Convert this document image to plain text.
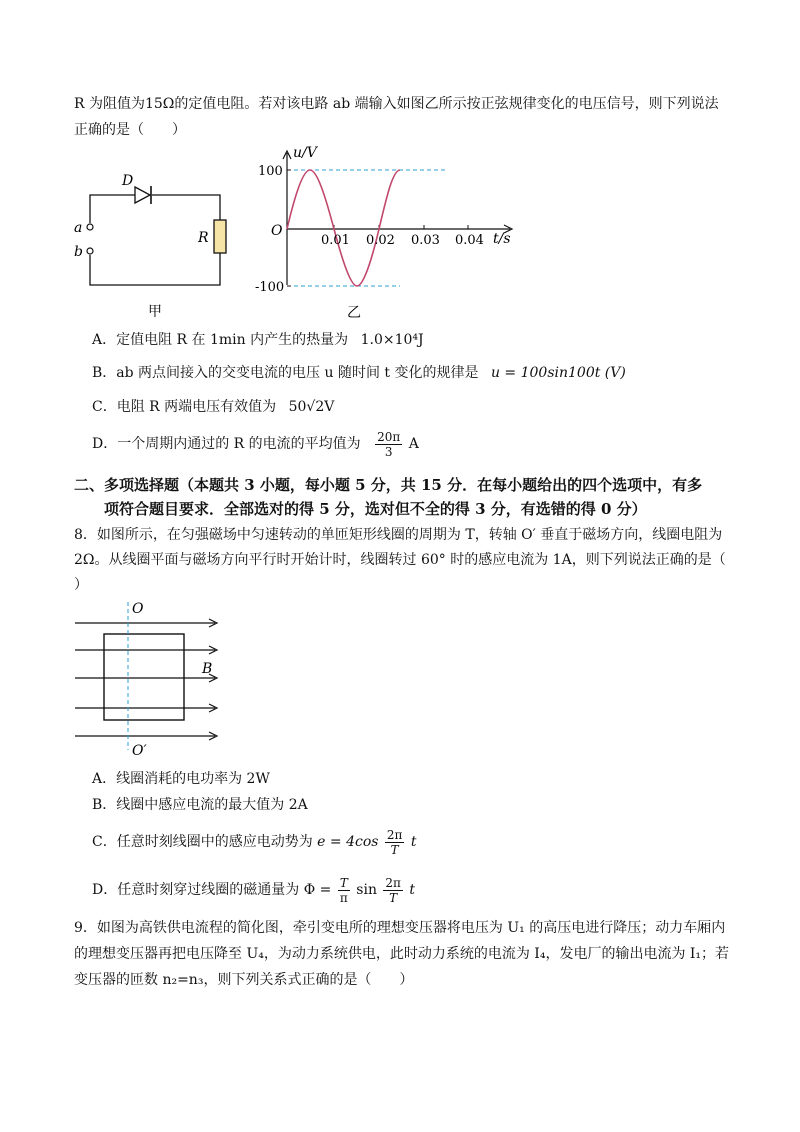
R 为阻值为15Ω的定值电阻。若对该电路 ab 端输入如图乙所示按正弦规律变化的电压信号，则下列说法
正确的是（　　）
D
a
b
R
甲
u/V
t/s
O
100
-100
0.01 0.02 0.03 0.04
乙
A．定值电阻 R 在 1min 内产生的热量为 1.0×10⁴J
B．ab 两点间接入的交变电流的电压 u 随时间 t 变化的规律是 u = 100sin100t (V)
C．电阻 R 两端电压有效值为 50√2V
D．一个周期内通过的 R 的电流的平均值为 $\frac{20\pi}{3}$ A
二、多项选择题（本题共 3 小题，每小题 5 分，共 15 分．在每小题给出的四个选项中，有多
项符合题目要求．全部选对的得 5 分，选对但不全的得 3 分，有选错的得 0 分）
8．如图所示，在匀强磁场中匀速转动的单匝矩形线圈的周期为 T，转轴 O′ 垂直于磁场方向，线圈电阻为
2Ω。从线圈平面与磁场方向平行时开始计时，线圈转过 60° 时的感应电流为 1A，则下列说法正确的是（
）
O
B
O′
A．线圈消耗的电功率为 2W
B．线圈中感应电流的最大值为 2A
C．任意时刻线圈中的感应电动势为 $e = 4\cos \frac{2\pi}{T}$ t
D．任意时刻穿过线圈的磁通量为 $\Phi = \frac{T}{\pi}$ $\sin \frac{2\pi}{T}$ t
9．如图为高铁供电流程的简化图，牵引变电所的理想变压器将电压为 U₁ 的高压电进行降压；动力车厢内
的理想变压器再把电压降至 U₄，为动力系统供电，此时动力系统的电流为 I₄，发电厂的输出电流为 I₁；若
变压器的匝数 n₂=n₃，则下列关系式正确的是（　　）
